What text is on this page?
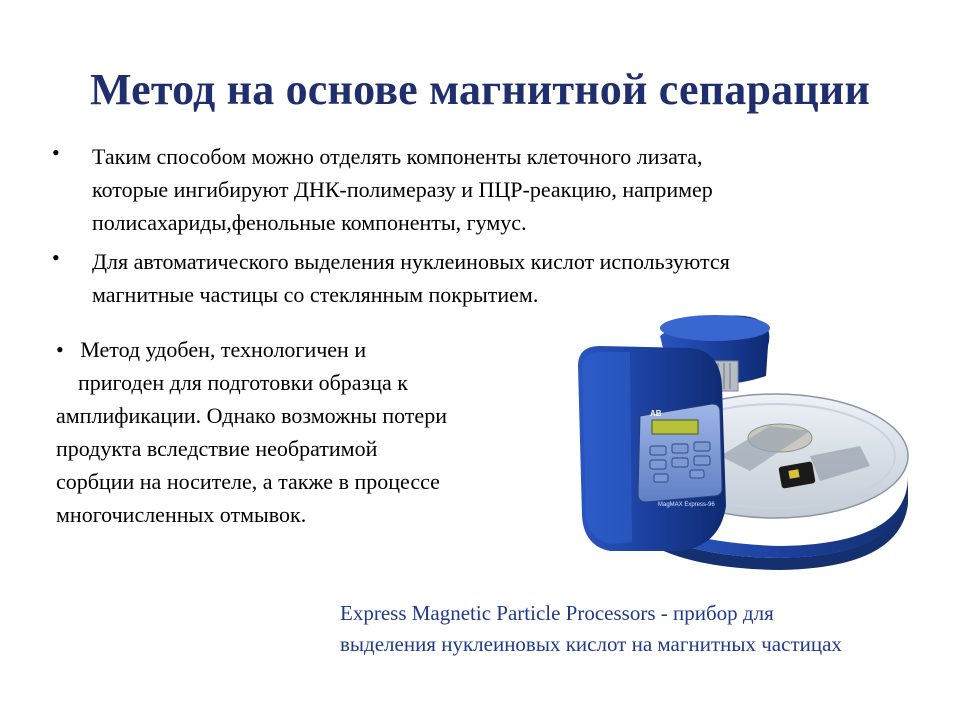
Метод на основе магнитной сепарации
• Таким способом можно отделять компоненты клеточного лизата,
которые ингибируют ДНК-полимеразу и ПЦР-реакцию, например
полисахариды,фенольные компоненты, гумус.
• Для автоматического выделения нуклеиновых кислот используются
магнитные частицы со стеклянным покрытием.
•   Метод удобен, технологичен и
пригоден для подготовки образца к
амплификации. Однако возможны потери
продукта вследствие необратимой
сорбции на носителе, а также в процессе
многочисленных отмывок.
AB
MagMAX Express-96
Express Magnetic Particle Processors - прибор для
выделения нуклеиновых кислот на магнитных частицах
